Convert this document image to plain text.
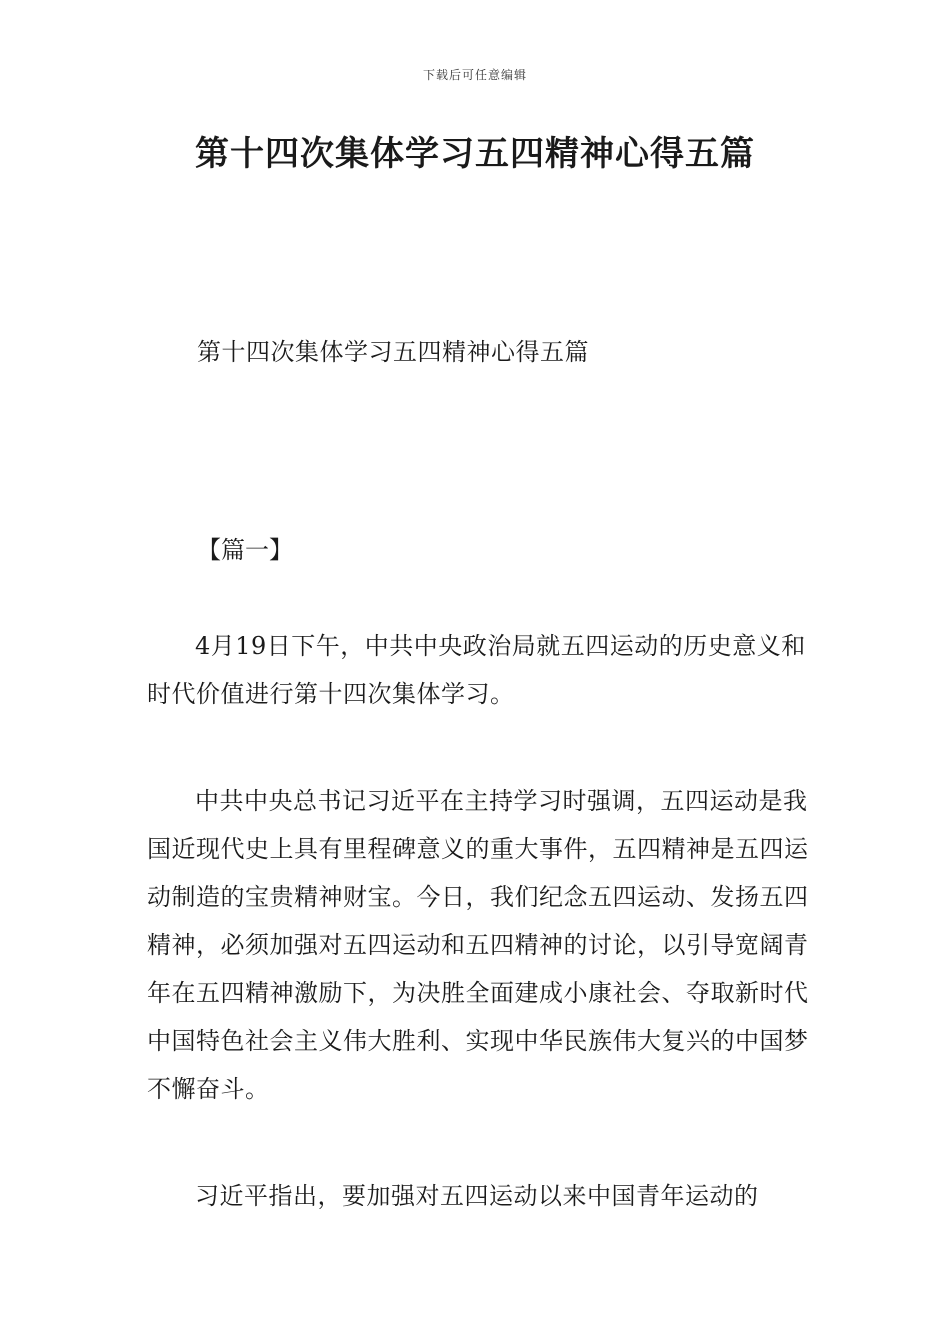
下载后可任意编辑
第十四次集体学习五四精神心得五篇
第十四次集体学习五四精神心得五篇
【篇一】

4月19日下午，中共中央政治局就五四运动的历史意义和时代价值进行第十四次集体学习。

中共中央总书记习近平在主持学习时强调，五四运动是我国近现代史上具有里程碑意义的重大事件，五四精神是五四运动制造的宝贵精神财宝。今日，我们纪念五四运动、发扬五四精神，必须加强对五四运动和五四精神的讨论，以引导宽阔青年在五四精神激励下，为决胜全面建成小康社会、夺取新时代中国特色社会主义伟大胜利、实现中华民族伟大复兴的中国梦不懈奋斗。

习近平指出，要加强对五四运动以来中国青年运动的
